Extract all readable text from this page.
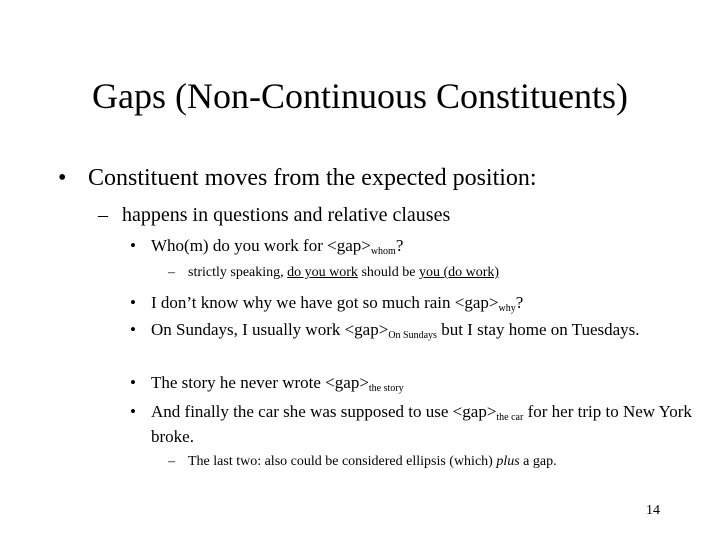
Gaps (Non-Continuous Constituents)
• Constituent moves from the expected position:
– happens in questions and relative clauses
• Who(m) do you work for $<gap>_{whom}$?
– strictly speaking, do you work should be you (do work)
• I don’t know why we have got so much rain $<gap>_{why}$?
• On Sundays, I usually work $<gap>_{On Sundays}$ but I stay home on Tuesdays.
• The story he never wrote $<gap>_{the story}$
• And finally the car she was supposed to use $<gap>_{the car}$ for her trip to New York broke.
– The last two: also could be considered ellipsis (which) plus a gap.
14
